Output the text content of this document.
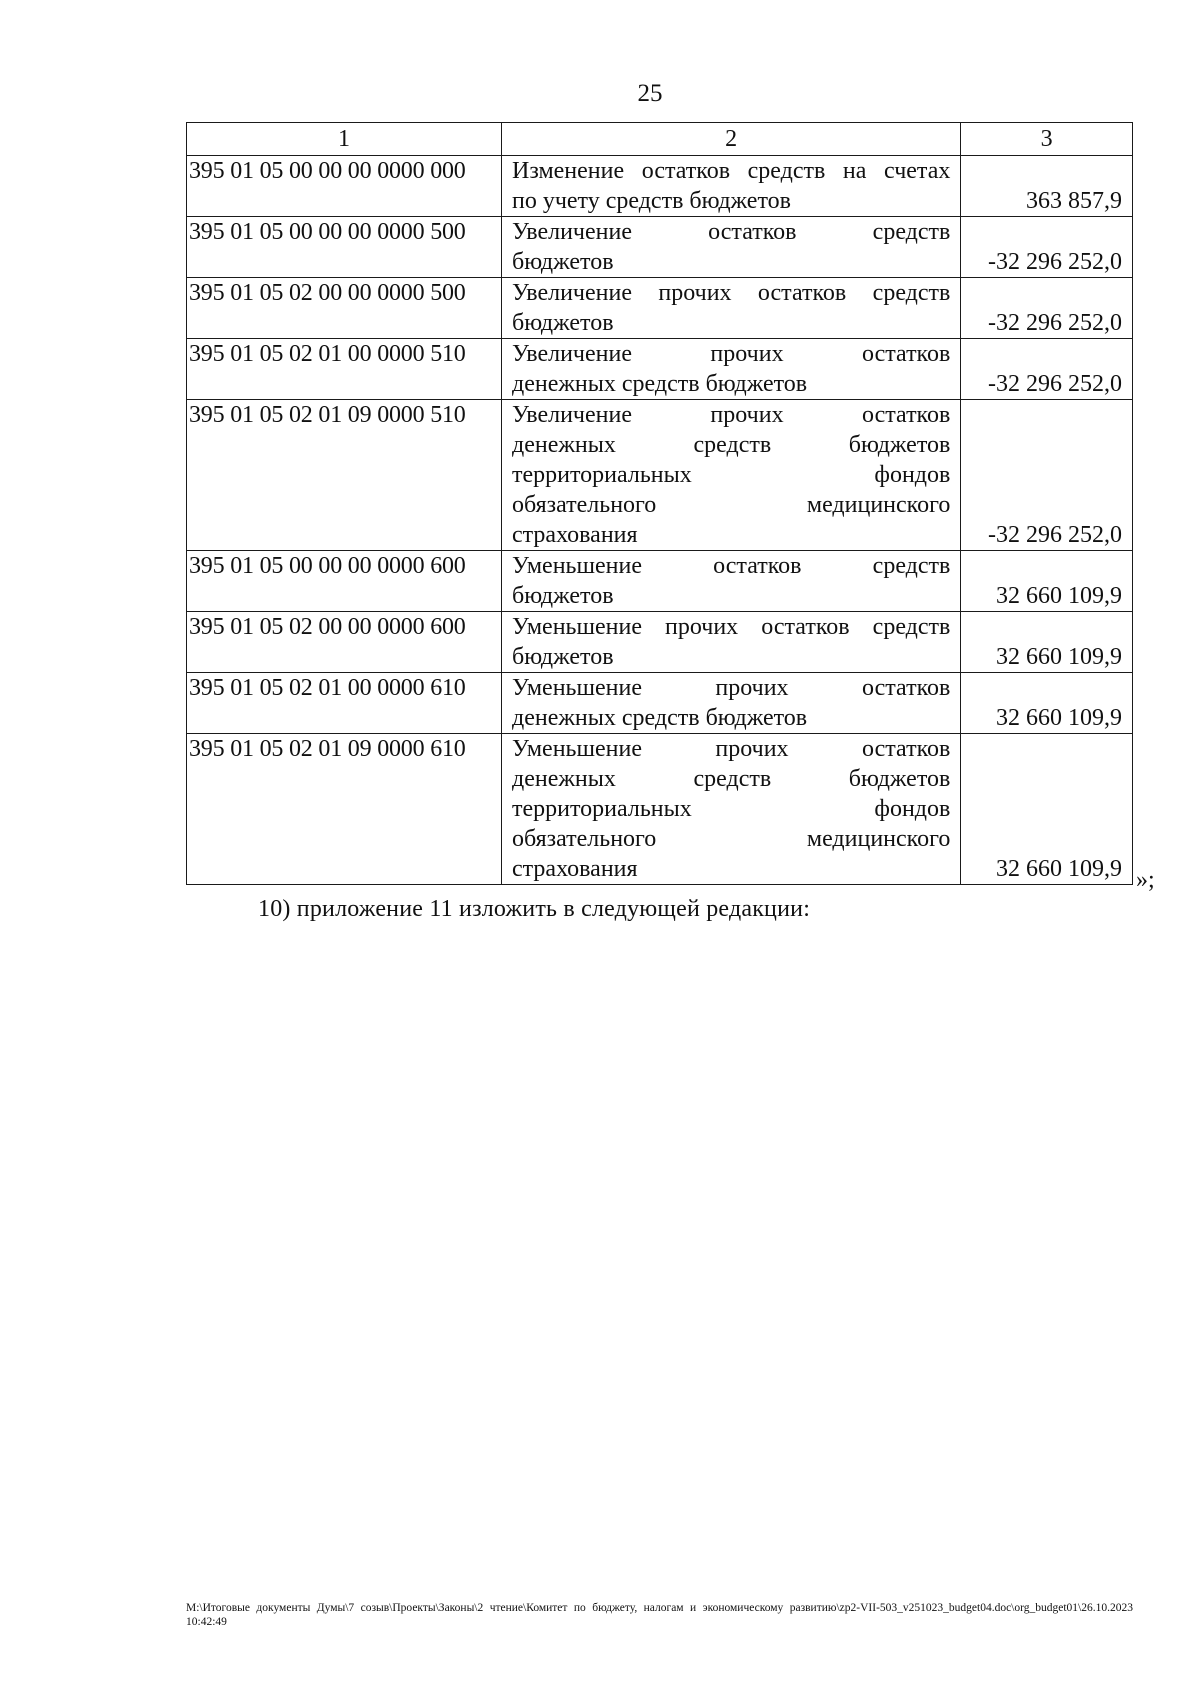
25
1	2	3
395 01 05 00 00 00 0000 000	Изменение остатков средств на счетах
по учету средств бюджетов	363 857,9
395 01 05 00 00 00 0000 500	Увеличение остатков средств
бюджетов	-32 296 252,0
395 01 05 02 00 00 0000 500	Увеличение прочих остатков средств
бюджетов	-32 296 252,0
395 01 05 02 01 00 0000 510	Увеличение прочих остатков
денежных средств бюджетов	-32 296 252,0
395 01 05 02 01 09 0000 510	Увеличение прочих остатков
денежных средств бюджетов
территориальных фондов
обязательного медицинского
страхования	-32 296 252,0
395 01 05 00 00 00 0000 600	Уменьшение остатков средств
бюджетов	32 660 109,9
395 01 05 02 00 00 0000 600	Уменьшение прочих остатков средств
бюджетов	32 660 109,9
395 01 05 02 01 00 0000 610	Уменьшение прочих остатков
денежных средств бюджетов	32 660 109,9
395 01 05 02 01 09 0000 610	Уменьшение прочих остатков
денежных средств бюджетов
территориальных фондов
обязательного медицинского
страхования	32 660 109,9 »;
10) приложение 11 изложить в следующей редакции:
M:\Итоговые документы Думы\7 созыв\Проекты\Законы\2 чтение\Комитет по бюджету, налогам и экономическому развитию\zp2-VII-503_v251023_budget04.doc\org_budget01\26.10.2023 10:42:49
